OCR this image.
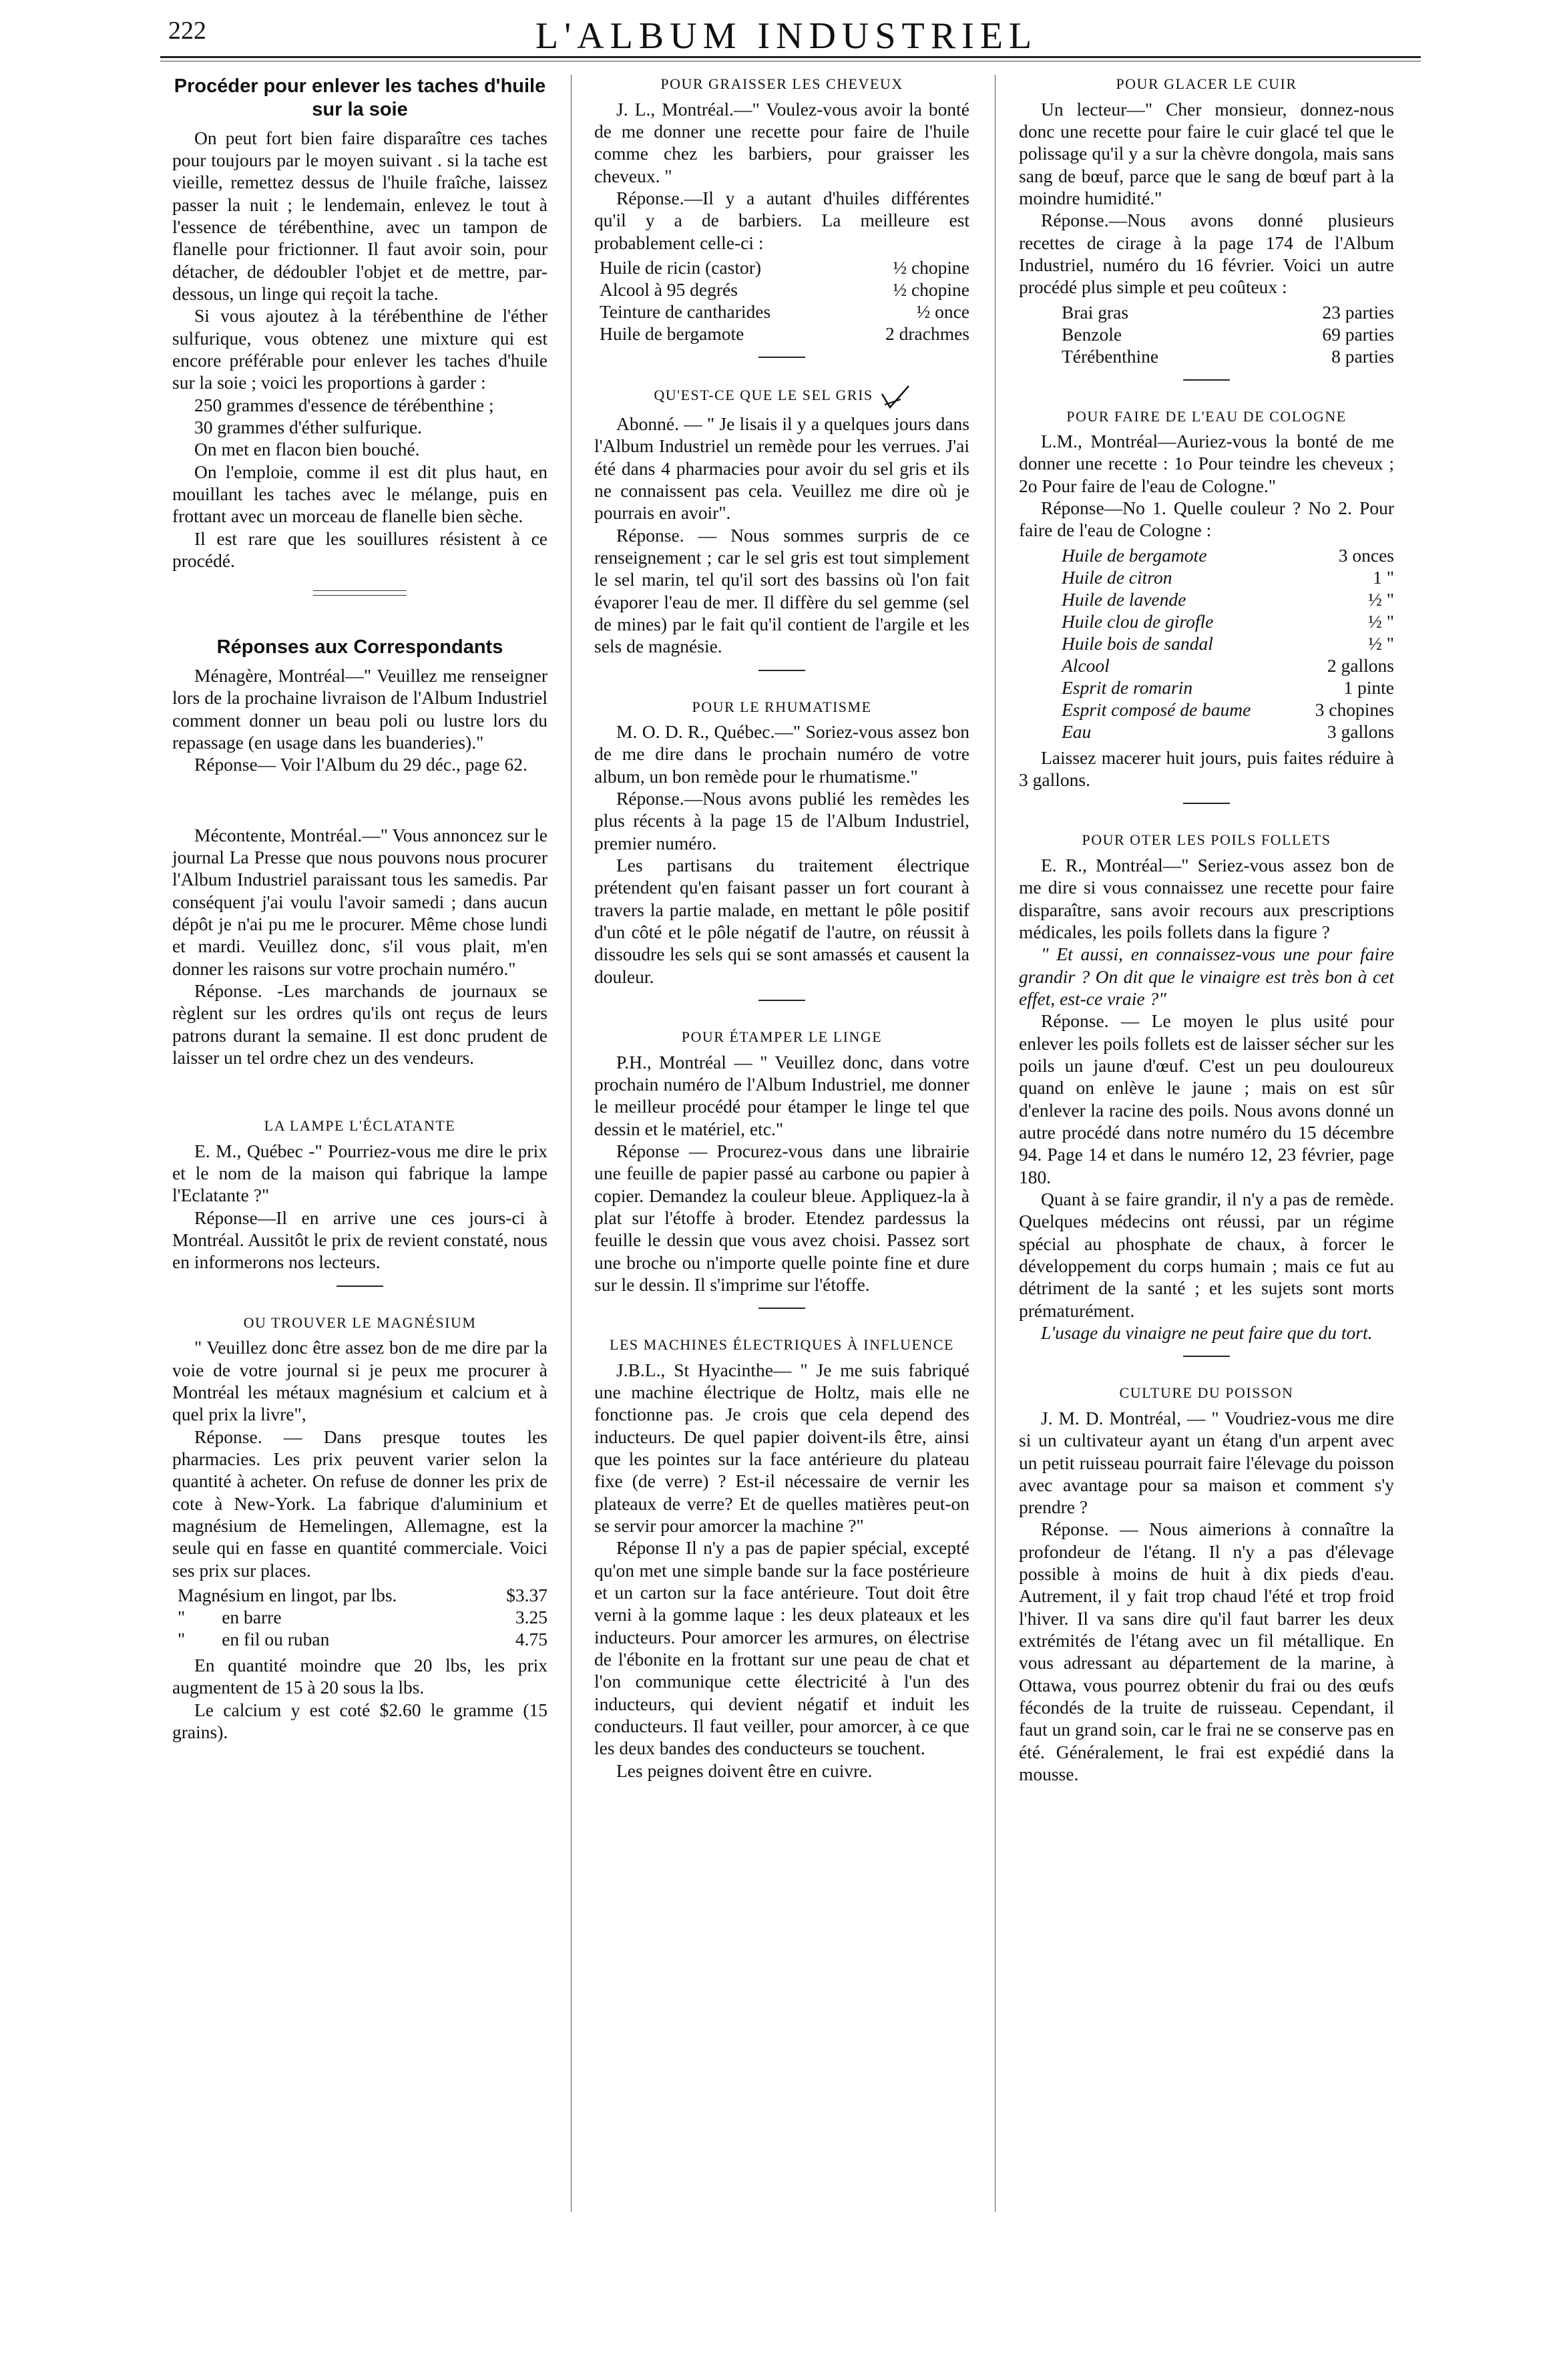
222	L'ALBUM INDUSTRIEL
Procéder pour enlever les taches d'huile sur la soie

On peut fort bien faire disparaître ces taches pour toujours par le moyen suivant . si la tache est vieille, remettez dessus de l'huile fraîche, laissez passer la nuit ; le lendemain, enlevez le tout à l'essence de térébenthine, avec un tampon de flanelle pour frictionner. Il faut avoir soin, pour détacher, de dédoubler l'objet et de mettre, par-dessous, un linge qui reçoit la tache.

Si vous ajoutez à la térébenthine de l'éther sulfurique, vous obtenez une mixture qui est encore préférable pour enlever les taches d'huile sur la soie ; voici les proportions à garder :

250 grammes d'essence de térébenthine ;

30 grammes d'éther sulfurique.

On met en flacon bien bouché.

On l'emploie, comme il est dit plus haut, en mouillant les taches avec le mélange, puis en frottant avec un morceau de flanelle bien sèche.

Il est rare que les souillures résistent à ce procédé.

Réponses aux Correspondants

Ménagère, Montréal—" Veuillez me renseigner lors de la prochaine livraison de l'Album Industriel comment donner un beau poli ou lustre lors du repassage (en usage dans les buanderies)."

Réponse— Voir l'Album du 29 déc., page 62.

Mécontente, Montréal.—" Vous annoncez sur le journal La Presse que nous pouvons nous procurer l'Album Industriel paraissant tous les samedis. Par conséquent j'ai voulu l'avoir samedi ; dans aucun dépôt je n'ai pu me le procurer. Même chose lundi et mardi. Veuillez donc, s'il vous plait, m'en donner les raisons sur votre prochain numéro."

Réponse. -Les marchands de journaux se règlent sur les ordres qu'ils ont reçus de leurs patrons durant la semaine. Il est donc prudent de laisser un tel ordre chez un des vendeurs.

LA LAMPE L'ÉCLATANTE

E. M., Québec -" Pourriez-vous me dire le prix et le nom de la maison qui fabrique la lampe l'Eclatante ?"

Réponse—Il en arrive une ces jours-ci à Montréal. Aussitôt le prix de revient constaté, nous en informerons nos lecteurs.

OU TROUVER LE MAGNÉSIUM

" Veuillez donc être assez bon de me dire par la voie de votre journal si je peux me procurer à Montréal les métaux magnésium et calcium et à quel prix la livre",

Réponse. — Dans presque toutes les pharmacies. Les prix peuvent varier selon la quantité à acheter. On refuse de donner les prix de cote à New-York. La fabrique d'aluminium et magnésium de Hemelingen, Allemagne, est la seule qui en fasse en quantité commerciale. Voici ses prix sur places.

Magnésium en lingot, par lbs.	$3.37
"        en barre	3.25
"        en fil ou ruban	4.75

En quantité moindre que 20 lbs, les prix augmentent de 15 à 20 sous la lbs.

Le calcium y est coté $2.60 le gramme (15 grains).

POUR GRAISSER LES CHEVEUX

J. L., Montréal.—" Voulez-vous avoir la bonté de me donner une recette pour faire de l'huile comme chez les barbiers, pour graisser les cheveux. "

Réponse.—Il y a autant d'huiles différentes qu'il y a de barbiers. La meilleure est probablement celle-ci :

Huile de ricin (castor)	½ chopine
Alcool à 95 degrés	½ chopine
Teinture de cantharides	½ once
Huile de bergamote	2 drachmes
QU'EST-CE QUE LE SEL GRIS

Abonné. — " Je lisais il y a quelques jours dans l'Album Industriel un remède pour les verrues. J'ai été dans 4 pharmacies pour avoir du sel gris et ils ne connaissent pas cela. Veuillez me dire où je pourrais en avoir".

Réponse. — Nous sommes surpris de ce renseignement ; car le sel gris est tout simplement le sel marin, tel qu'il sort des bassins où l'on fait évaporer l'eau de mer. Il diffère du sel gemme (sel de mines) par le fait qu'il contient de l'argile et les sels de magnésie.

POUR LE RHUMATISME

M. O. D. R., Québec.—" Soriez-vous assez bon de me dire dans le prochain numéro de votre album, un bon remède pour le rhumatisme."

Réponse.—Nous avons publié les remèdes les plus récents à la page 15 de l'Album Industriel, premier numéro.

Les partisans du traitement électrique prétendent qu'en faisant passer un fort courant à travers la partie malade, en mettant le pôle positif d'un côté et le pôle négatif de l'autre, on réussit à dissoudre les sels qui se sont amassés et causent la douleur.

POUR ÉTAMPER LE LINGE

P.H., Montréal — " Veuillez donc, dans votre prochain numéro de l'Album Industriel, me donner le meilleur procédé pour étamper le linge tel que dessin et le matériel, etc."

Réponse — Procurez-vous dans une librairie une feuille de papier passé au carbone ou papier à copier. Demandez la couleur bleue. Appliquez-la à plat sur l'étoffe à broder. Etendez pardessus la feuille le dessin que vous avez choisi. Passez sort une broche ou n'importe quelle pointe fine et dure sur le dessin. Il s'imprime sur l'étoffe.

LES MACHINES ÉLECTRIQUES À INFLUENCE

J.B.L., St Hyacinthe— " Je me suis fabriqué une machine électrique de Holtz, mais elle ne fonctionne pas. Je crois que cela depend des inducteurs. De quel papier doivent-ils être, ainsi que les pointes sur la face antérieure du plateau fixe (de verre) ? Est-il nécessaire de vernir les plateaux de verre? Et de quelles matières peut-on se servir pour amorcer la machine ?"

Réponse Il n'y a pas de papier spécial, excepté qu'on met une simple bande sur la face postérieure et un carton sur la face antérieure. Tout doit être verni à la gomme laque : les deux plateaux et les inducteurs. Pour amorcer les armures, on électrise de l'ébonite en la frottant sur une peau de chat et l'on communique cette électricité à l'un des inducteurs, qui devient négatif et induit les conducteurs. Il faut veiller, pour amorcer, à ce que les deux bandes des conducteurs se touchent.

Les peignes doivent être en cuivre.

POUR GLACER LE CUIR

Un lecteur—" Cher monsieur, donnez-nous donc une recette pour faire le cuir glacé tel que le polissage qu'il y a sur la chèvre dongola, mais sans sang de bœuf, parce que le sang de bœuf part à la moindre humidité."

Réponse.—Nous avons donné plusieurs recettes de cirage à la page 174 de l'Album Industriel, numéro du 16 février. Voici un autre procédé plus simple et peu coûteux :

Brai gras	23 parties
Benzole	69 parties
Térébenthine	8 parties
POUR FAIRE DE L'EAU DE COLOGNE

L.M., Montréal—Auriez-vous la bonté de me donner une recette : 1o Pour teindre les cheveux ; 2o Pour faire de l'eau de Cologne."

Réponse—No 1. Quelle couleur ? No 2. Pour faire de l'eau de Cologne :

Huile de bergamote	3 onces
Huile de citron	1 "
Huile de lavende	½ "
Huile clou de girofle	½ "
Huile bois de sandal	½ "
Alcool	2 gallons
Esprit de romarin	1 pinte
Esprit composé de baume	3 chopines
Eau	3 gallons

Laissez macerer huit jours, puis faites réduire à 3 gallons.

POUR OTER LES POILS FOLLETS

E. R., Montréal—" Seriez-vous assez bon de me dire si vous connaissez une recette pour faire disparaître, sans avoir recours aux prescriptions médicales, les poils follets dans la figure ?

" Et aussi, en connaissez-vous une pour faire grandir ? On dit que le vinaigre est très bon à cet effet, est-ce vraie ?"

Réponse. — Le moyen le plus usité pour enlever les poils follets est de laisser sécher sur les poils un jaune d'œuf. C'est un peu douloureux quand on enlève le jaune ; mais on est sûr d'enlever la racine des poils. Nous avons donné un autre procédé dans notre numéro du 15 décembre 94. Page 14 et dans le numéro 12, 23 février, page 180.

Quant à se faire grandir, il n'y a pas de remède. Quelques médecins ont réussi, par un régime spécial au phosphate de chaux, à forcer le développement du corps humain ; mais ce fut au détriment de la santé ; et les sujets sont morts prématurément.

L'usage du vinaigre ne peut faire que du tort.

CULTURE DU POISSON

J. M. D. Montréal, — " Voudriez-vous me dire si un cultivateur ayant un étang d'un arpent avec un petit ruisseau pourrait faire l'élevage du poisson avec avantage pour sa maison et comment s'y prendre ?

Réponse. — Nous aimerions à connaître la profondeur de l'étang. Il n'y a pas d'élevage possible à moins de huit à dix pieds d'eau. Autrement, il y fait trop chaud l'été et trop froid l'hiver. Il va sans dire qu'il faut barrer les deux extrémités de l'étang avec un fil métallique. En vous adressant au département de la marine, à Ottawa, vous pourrez obtenir du frai ou des œufs fécondés de la truite de ruisseau. Cependant, il faut un grand soin, car le frai ne se conserve pas en été. Généralement, le frai est expédié dans la mousse.
